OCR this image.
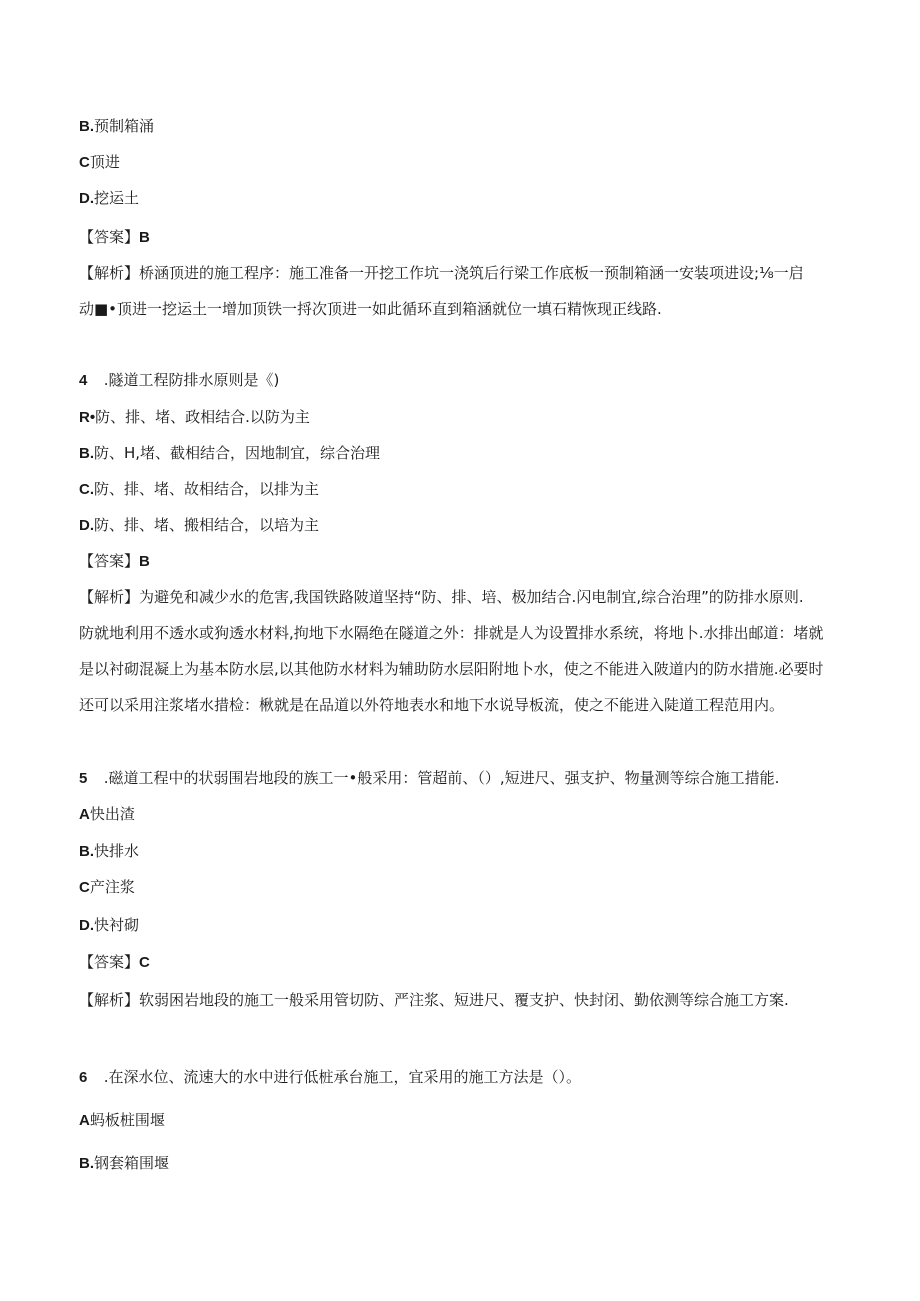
B.预制箱涌
C顶进
D.挖运土
【答案】B
【解析】桥涵顶进的施工程序：施工准备一开挖工作坑一浇筑后行梁工作底板一预制箱涵一安装项进设;⅛一启
动■•顶进一挖运土一增加顶铁一捋次顶进一如此循环直到箱涵就位一填石精恢现正线路.
4 .隧道工程防排水原则是《)
R•防、排、堵、政相结合.以防为主
B.防、H,堵、截相结合，因地制宜，综合治理
C.防、排、堵、故相结合，以排为主
D.防、排、堵、搬相结合，以培为主
【答案】B
【解析】为避免和减少水的危害,我国铁路陂道坚持“防、排、培、极加结合.闪电制宜,综合治理”的防排水原则.
防就地利用不透水或狗透水材料,拘地下水隔绝在隧道之外：排就是人为设置排水系统，将地卜.水排出邮道：堵就
是以衬砌混凝上为基本防水层,以其他防水材料为辅助防水层阳附地卜水，使之不能进入陂道内的防水措施.必要时
还可以采用注浆堵水措检：楸就是在品道以外符地表水和地下水说导板流，使之不能进入陡道工程范用内。
5 .磁道工程中的状弱围岩地段的族工一•般采用：管超前、（）,短进尺、强支护、物量测等综合施工措能.
A快出渣
B.快排水
C产注浆
D.快衬砌
【答案】C
【解析】软弱困岩地段的施工一般采用管切防、严注浆、短进尺、覆支护、快封闭、勤依测等综合施工方案.
6 .在深水位、流速大的水中进行低桩承台施工，宜采用的施工方法是（）。
A蚂板桩围堰
B.钢套箱围堰
